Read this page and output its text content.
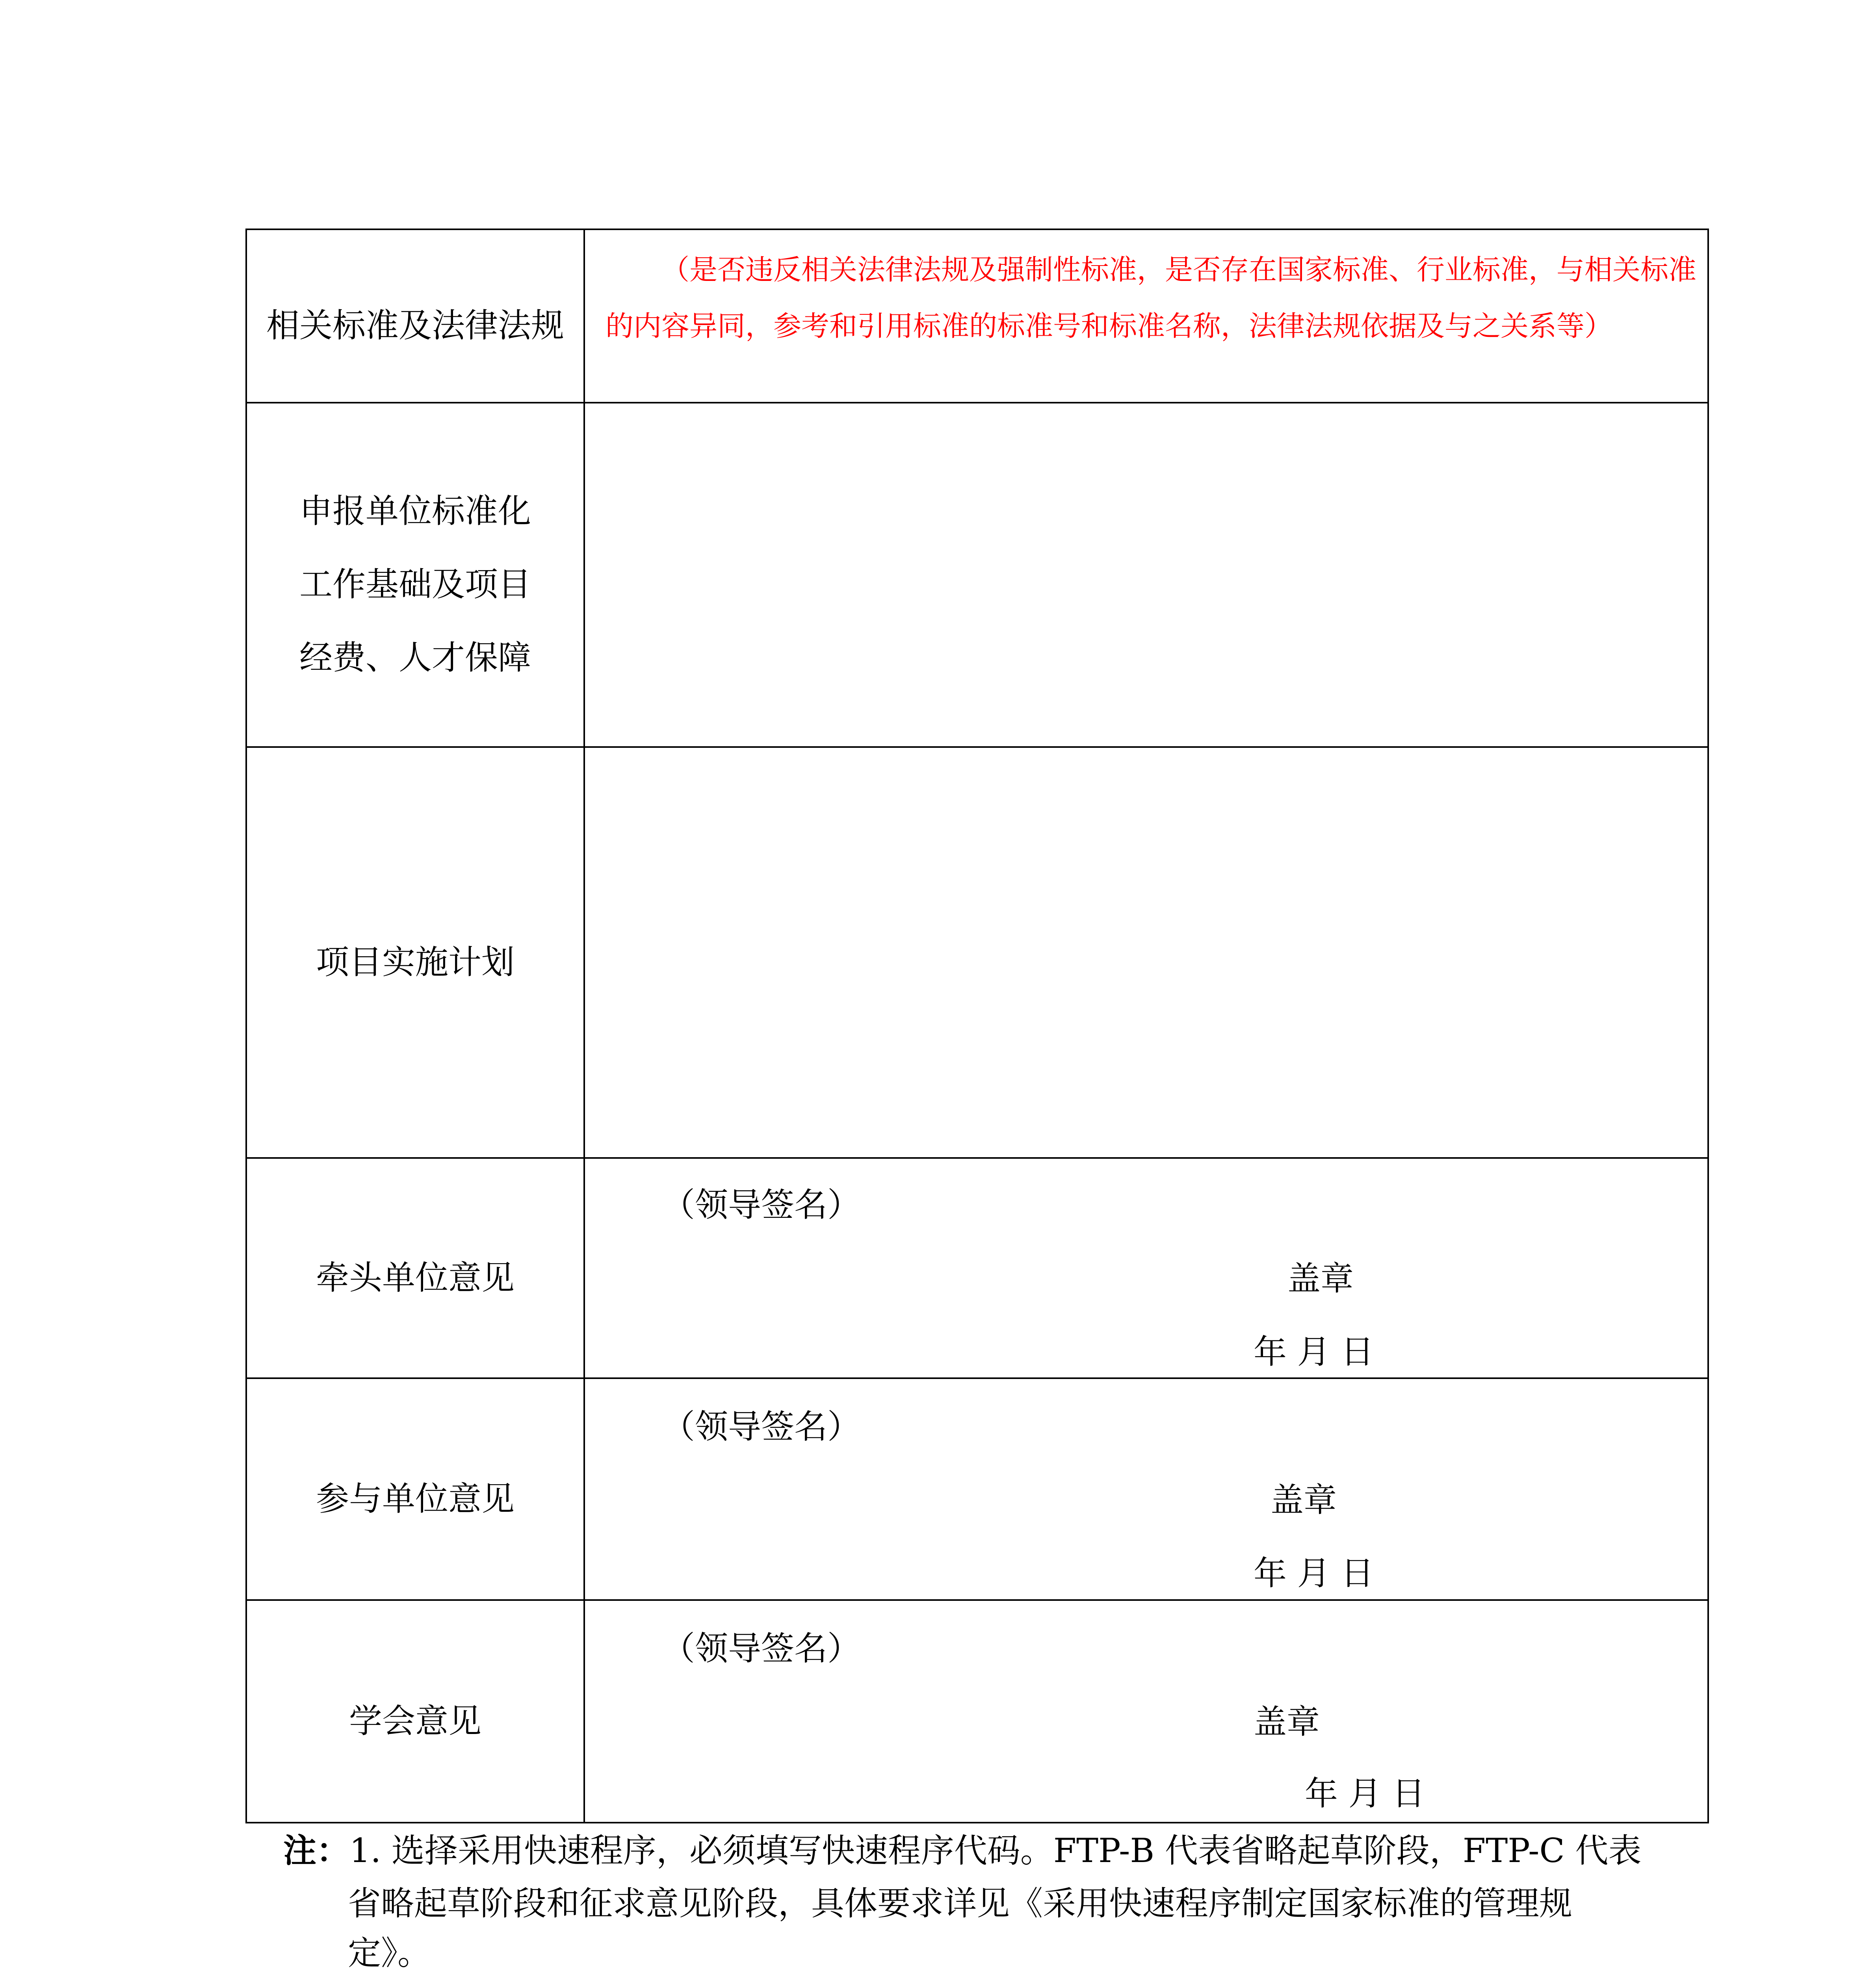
相关标准及法律法规
（是否违反相关法律法规及强制性标准，是否存在国家标准、行业标准，与相关标准
的内容异同，参考和引用标准的标准号和标准名称，法律法规依据及与之关系等）
申报单位标准化
工作基础及项目
经费、人才保障
项目实施计划
牵头单位意见
（领导签名）
盖章
年 月 日
参与单位意见
（领导签名）
盖章
年 月 日
学会意见
（领导签名）
盖章
年 月 日
注：1. 选择采用快速程序，必须填写快速程序代码。FTP-B 代表省略起草阶段，FTP-C 代表
省略起草阶段和征求意见阶段，具体要求详见《采用快速程序制定国家标准的管理规
定》。
